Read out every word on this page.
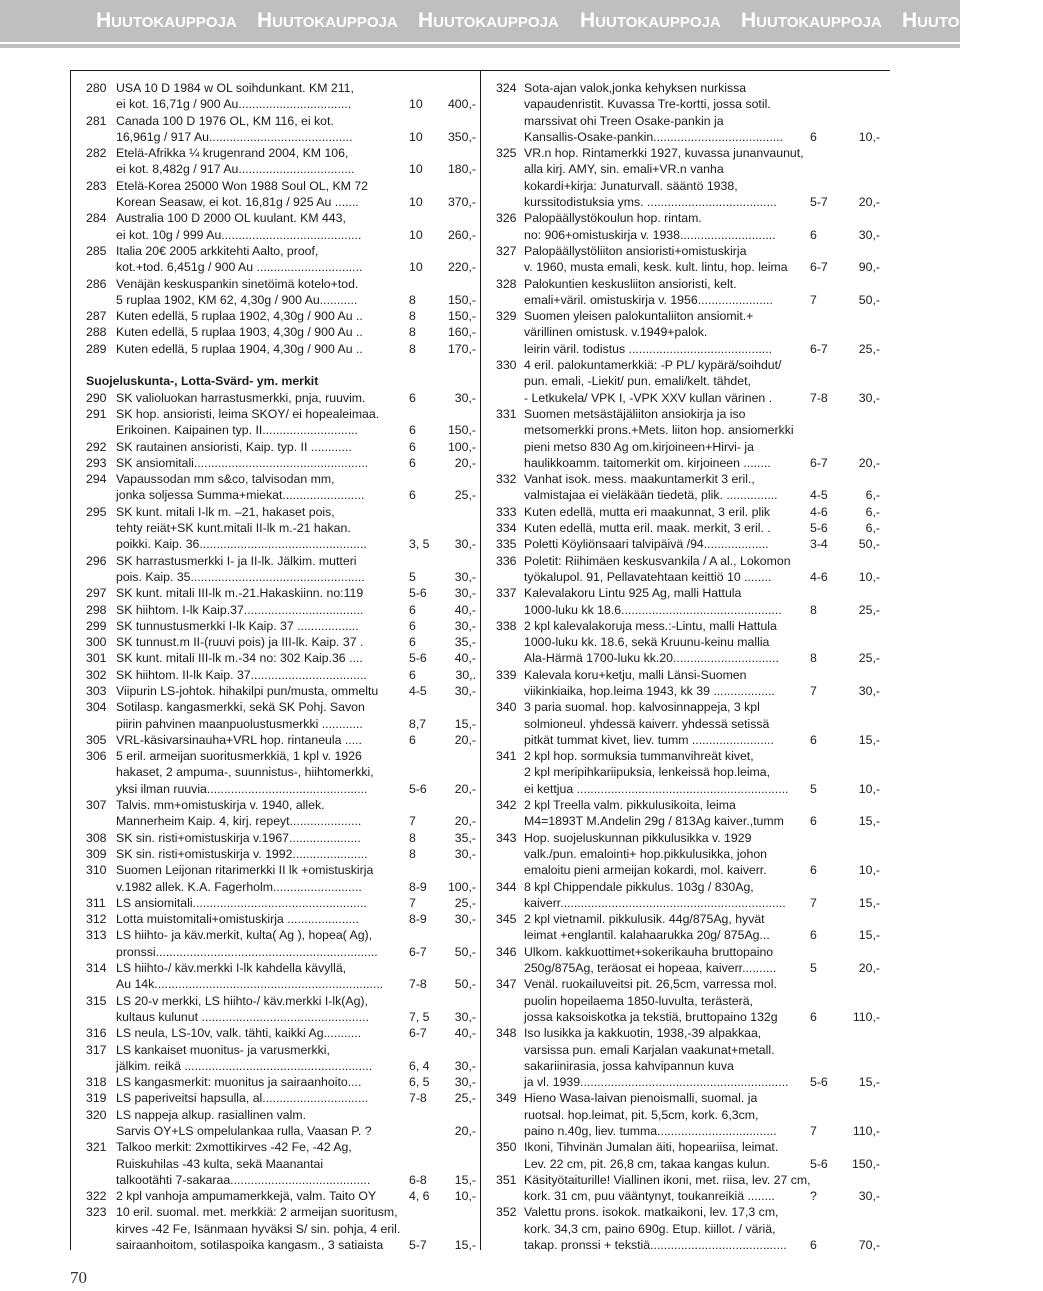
Huutokauppoja Huutokauppoja Huutokauppoja Huutokauppoja Huutokauppoja Huutokauppoja
280 USA 10 D 1984 w OL soihdunkant. KM 211,
ei kot. 16,71g / 900 Au.................................	10 400,-
281 Canada 100 D 1976 OL, KM 116, ei kot.
16,961g / 917 Au..........................................	10 350,-
282 Etelä-Afrikka ¼ krugenrand 2004, KM 106,
ei kot. 8,482g / 917 Au..................................	10 180,-
283 Etelä-Korea 25000 Won 1988 Soul OL, KM 72
Korean Seasaw, ei kot. 16,81g / 925 Au .......	10 370,-
284 Australia 100 D 2000 OL kuulant. KM 443,
ei kot. 10g / 999 Au.........................................	10 260,-
285 Italia 20€ 2005 arkkitehti Aalto, proof,
kot.+tod. 6,451g / 900 Au ...............................	10 220,-
286 Venäjän keskuspankin sinetöimä kotelo+tod.
5 ruplaa 1902, KM 62, 4,30g / 900 Au...........	8	150,-
287 Kuten edellä, 5 ruplaa 1902, 4,30g / 900 Au ..	8	150,-
288 Kuten edellä, 5 ruplaa 1903, 4,30g / 900 Au ..	8	160,-
289 Kuten edellä, 5 ruplaa 1904, 4,30g / 900 Au ..	8	170,-
Suojeluskunta-, Lotta-Svärd- ym. merkit
290 SK valioluokan harrastusmerkki, pnja, ruuvim.	6	30,-
291 SK hop. ansioristi, leima SKOY/ ei hopealeimaa.
Erikoinen. Kaipainen typ. II............................	6	150,-
292 SK rautainen ansioristi, Kaip. typ. II ............	6	100,-
293 SK ansiomitali...................................................	6	20,-
294 Vapaussodan mm s&co, talvisodan mm,
jonka soljessa Summa+miekat........................	6	25,-
295 SK kunt. mitali I-lk m. –21, hakaset pois,
tehty reiät+SK kunt.mitali II-lk m.-21 hakan.
poikki. Kaip. 36.................................................	3, 5 30,-
296 SK harrastusmerkki I- ja II-lk. Jälkim. mutteri
pois. Kaip. 35...................................................	5	30,-
297 SK kunt. mitali III-lk m.-21.Hakaskiinn. no:119	5-6 30,-
298 SK hiihtom. I-lk Kaip.37...................................	6	40,-
299 SK tunnustusmerkki I-lk Kaip. 37 ..................	6	30,-
300 SK tunnust.m II-(ruuvi pois) ja III-lk. Kaip. 37 .	6	35,-
301 SK kunt. mitali III-lk m.-34 no: 302 Kaip.36 ....	5-6 40,-
302 SK hiihtom. II-lk Kaip. 37..................................	6	30,.
303 Viipurin LS-johtok. hihakilpi pun/musta, ommeltu	4-5 30,-
304 Sotilasp. kangasmerkki, sekä SK Pohj. Savon
piirin pahvinen maanpuolustusmerkki ............	8,7 15,-
305 VRL-käsivarsinauha+VRL hop. rintaneula .....	6	20,-
306 5 eril. armeijan suoritusmerkkiä, 1 kpl v. 1926
hakaset, 2 ampuma-, suunnistus-, hiihtomerkki,
yksi ilman ruuvia...............................................	5-6 20,-
307 Talvis. mm+omistuskirja v. 1940, allek.
Mannerheim Kaip. 4, kirj. repeyt.....................	7	20,-
308 SK sin. risti+omistuskirja v.1967.....................	8	35,-
309 SK sin. risti+omistuskirja v. 1992......................	8	30,-
310 Suomen Leijonan ritarimerkki II lk +omistuskirja
v.1982 allek. K.A. Fagerholm..........................	8-9 100,-
311 LS ansiomitali...................................................	7	25,-
312 Lotta muistomitali+omistuskirja .....................	8-9 30,-
313 LS hiihto- ja käv.merkit, kulta( Ag ), hopea( Ag),
pronssi.................................................................	6-7 50,-
314 LS hiihto-/ käv.merkki I-lk kahdella kävyllä,
Au 14k...................................................................	7-8 50,-
315 LS 20-v merkki, LS hiihto-/ käv.merkki I-lk(Ag),
kultaus kulunut .................................................	7, 5 30,-
316 LS neula, LS-10v, valk. tähti, kaikki Ag...........	6-7 40,-
317 LS kankaiset muonitus- ja varusmerkki,
jälkim. reikä .......................................................	6, 4 30,-
318 LS kangasmerkit: muonitus ja sairaanhoito....	6, 5 30,-
319 LS paperiveitsi hapsulla, al...............................	7-8 25,-
320 LS nappeja alkup. rasiallinen valm.
Sarvis OY+LS ompelulankaa rulla, Vaasan P. ?	20,-
321 Talkoo merkit: 2xmottikirves -42 Fe, -42 Ag,
Ruiskuhilas -43 kulta, sekä Maanantai
talkootähti 7-sakaraa.........................................	6-8 15,-
322 2 kpl vanhoja ampumamerkkejä, valm. Taito OY	4, 6 10,-
323 10 eril. suomal. met. merkkiä: 2 armeijan suoritusm,
kirves -42 Fe, Isänmaan hyväksi S/ sin. pohja, 4 eril.
sairaanhoitom, sotilaspoika kangasm., 3 satiaista	5-7 15,-
324 Sota-ajan valok,jonka kehyksen nurkissa
vapaudenristit. Kuvassa Tre-kortti, jossa sotil.
marssivat ohi Treen Osake-pankin ja
Kansallis-Osake-pankin......................................	6	10,-
325 VR.n hop. Rintamerkki 1927, kuvassa junanvaunut,
alla kirj. AMY, sin. emali+VR.n vanha
kokardi+kirja: Junaturvall. sääntö 1938,
kurssitodistuksia yms. ......................................	5-7	20,-
326 Palopäällystökoulun hop. rintam.
no: 906+omistuskirja v. 1938............................	6	30,-
327 Palopäällystöliiton ansioristi+omistuskirja
v. 1960, musta emali, kesk. kult. lintu, hop. leima	6-7	90,-
328 Palokuntien keskusliiton ansioristi, kelt.
emali+väril. omistuskirja v. 1956......................	7	50,-
329 Suomen yleisen palokuntaliiton ansiomit.+
värillinen omistusk. v.1949+palok.
leirin väril. todistus ..........................................	6-7	25,-
330 4 eril. palokuntamerkkiä: -P PL/ kypärä/soihdut/
pun. emali, -Liekit/ pun. emali/kelt. tähdet,
- Letkukela/ VPK I, -VPK XXV kullan värinen .	7-8	30,-
331 Suomen metsästäjäliiton ansiokirja ja iso
metsomerkki prons.+Mets. liiton hop. ansiomerkki
pieni metso 830 Ag om.kirjoineen+Hirvi- ja
haulikkoamm. taitomerkit om. kirjoineen ........	6-7	20,-
332 Vanhat isok. mess. maakuntamerkit 3 eril.,
valmistajaa ei vieläkään tiedetä, plik. ...............	4-5	6,-
333 Kuten edellä, mutta eri maakunnat, 3 eril. plik	4-6	6,-
334 Kuten edellä, mutta eril. maak. merkit, 3 eril. .	5-6	6,-
335 Poletti Köyliönsaari talvipäivä /94...................	3-4	50,-
336 Poletit: Riihimäen keskusvankila / A al., Lokomon
työkalupol. 91, Pellavatehtaan keittiö 10 ........	4-6	10,-
337 Kalevalakoru Lintu 925 Ag, malli Hattula
1000-luku kk 18.6...............................................	8	25,-
338 2 kpl kalevalakoruja mess.:-Lintu, malli Hattula
1000-luku kk. 18.6, sekä Kruunu-keinu mallia
Ala-Härmä 1700-luku kk.20...............................	8	25,-
339 Kalevala koru+ketju, malli Länsi-Suomen
viikinkiaika, hop.leima 1943, kk 39 ..................	7	30,-
340 3 paria suomal. hop. kalvosinnappeja, 3 kpl
solmioneul. yhdessä kaiverr. yhdessä setissä
pitkät tummat kivet, liev. tumm ........................	6	15,-
341 2 kpl hop. sormuksia tummanvihreät kivet,
2 kpl meripihkariipuksia, lenkeissä hop.leima,
ei kettjua ..............................................................	5	10,-
342 2 kpl Treella valm. pikkulusikoita, leima
M4=1893T M.Andelin 29g / 813Ag kaiver.,tumm	6	15,-
343 Hop. suojeluskunnan pikkulusikka v. 1929
valk./pun. emalointi+ hop.pikkulusikka, johon
emaloitu pieni armeijan kokardi, mol. kaiverr.	6	10,-
344 8 kpl Chippendale pikkulus. 103g / 830Ag,
kaiverr..................................................................	7	15,-
345 2 kpl vietnamil. pikkulusik. 44g/875Ag, hyvät
leimat +englantil. kalahaarukka 20g/ 875Ag...	6	15,-
346 Ulkom. kakkuottimet+sokerikauha bruttopaino
250g/875Ag, teräosat ei hopeaa, kaiverr..........	5	20,-
347 Venäl. ruokailuveitsi pit. 26,5cm, varressa mol.
puolin hopeilaema 1850-luvulta, terästerä,
jossa kaksoiskotka ja tekstiä, bruttopaino 132g	6	110,-
348 Iso lusikka ja kakkuotin, 1938,-39 alpakkaa,
varsissa pun. emali Karjalan vaakunat+metall.
sakariinirasia, jossa kahvipannun kuva
ja vl. 1939.............................................................	5-6	15,-
349 Hieno Wasa-laivan pienoismalli, suomal. ja
ruotsal. hop.leimat, pit. 5,5cm, kork. 6,3cm,
paino n.40g, liev. tumma...................................	7	110,-
350 Ikoni, Tihvinän Jumalan äiti, hopeariisa, leimat.
Lev. 22 cm, pit. 26,8 cm, takaa kangas kulun.	5-6 150,-
351 Käsityötaiturille! Viallinen ikoni, met. riisa, lev. 27 cm,
kork. 31 cm, puu vääntynyt, toukanreikiä ........	?	30,-
352 Valettu prons. isokok. matkaikoni, lev. 17,3 cm,
kork. 34,3 cm, paino 690g. Etup. kiillot. / väriä,
takap. pronssi + tekstiä........................................	6	70,-
70
